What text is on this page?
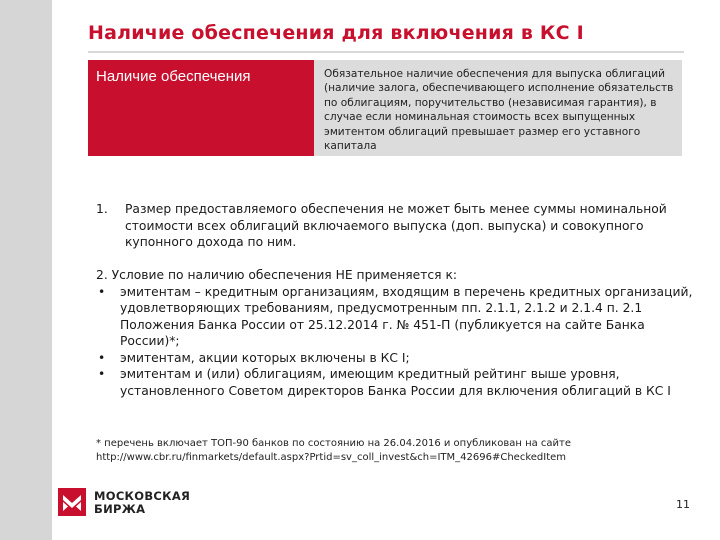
Наличие обеспечения для включения в КС I
Наличие обеспечения	Обязательное наличие обеспечения для выпуска облигаций (наличие залога, обеспечивающего исполнение обязательств по облигациям, поручительство (независимая гарантия), в случае если номинальная стоимость всех выпущенных эмитентом облигаций превышает размер его уставного капитала
1. Размер предоставляемого обеспечения не может быть менее суммы номинальной стоимости всех облигаций включаемого выпуска (доп. выпуска) и совокупного купонного дохода по ним.
2. Условие по наличию обеспечения НЕ применяется к:
• эмитентам – кредитным организациям, входящим в перечень кредитных организаций, удовлетворяющих требованиям, предусмотренным пп. 2.1.1, 2.1.2 и 2.1.4 п. 2.1 Положения Банка России от 25.12.2014 г. № 451-П (публикуется на сайте Банка России)*;
• эмитентам, акции которых включены в КС I;
• эмитентам и (или) облигациям, имеющим кредитный рейтинг выше уровня, установленного Советом директоров Банка России для включения облигаций в КС I
* перечень включает ТОП-90 банков по состоянию на 26.04.2016 и опубликован на сайте
http://www.cbr.ru/finmarkets/default.aspx?Prtid=sv_coll_invest&ch=ITM_42696#CheckedItem
МОСКОВСКАЯ
БИРЖА	11
